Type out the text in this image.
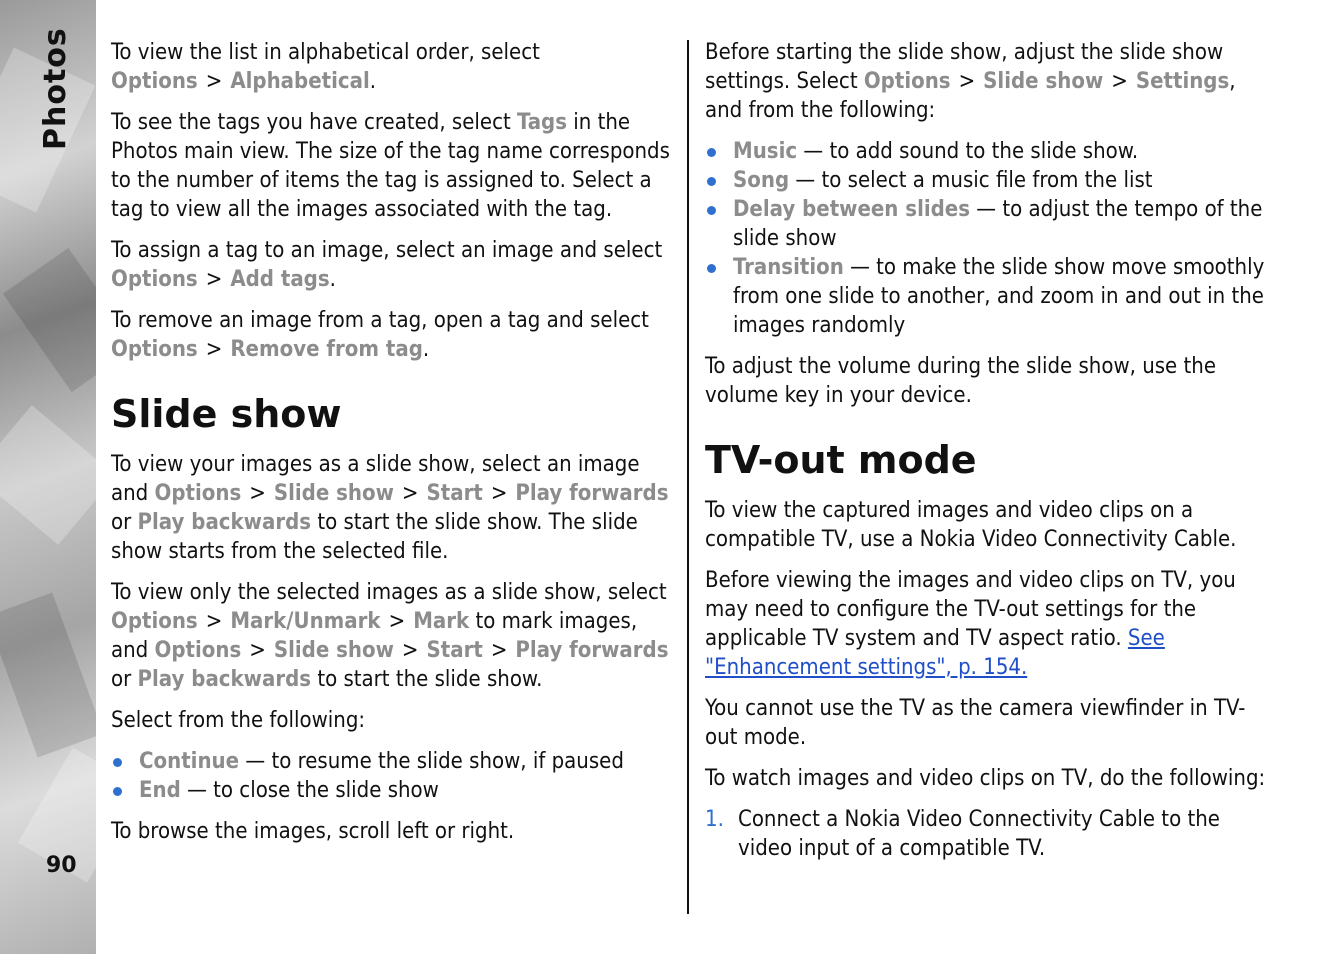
Photos
90

To view the list in alphabetical order, select Options > Alphabetical.

To see the tags you have created, select Tags in the Photos main view. The size of the tag name corresponds to the number of items the tag is assigned to. Select a tag to view all the images associated with the tag.

To assign a tag to an image, select an image and select Options > Add tags.

To remove an image from a tag, open a tag and select Options > Remove from tag.

Slide show

To view your images as a slide show, select an image and Options > Slide show > Start > Play forwards or Play backwards to start the slide show. The slide show starts from the selected file.

To view only the selected images as a slide show, select Options > Mark/Unmark > Mark to mark images, and Options > Slide show > Start > Play forwards or Play backwards to start the slide show.

Select from the following:

Continue — to resume the slide show, if paused
End — to close the slide show

To browse the images, scroll left or right.

Before starting the slide show, adjust the slide show settings. Select Options > Slide show > Settings, and from the following:

Music — to add sound to the slide show.
Song — to select a music file from the list
Delay between slides — to adjust the tempo of the slide show
Transition — to make the slide show move smoothly from one slide to another, and zoom in and out in the images randomly

To adjust the volume during the slide show, use the volume key in your device.

TV-out mode

To view the captured images and video clips on a compatible TV, use a Nokia Video Connectivity Cable.

Before viewing the images and video clips on TV, you may need to configure the TV-out settings for the applicable TV system and TV aspect ratio. See "Enhancement settings", p. 154.

You cannot use the TV as the camera viewfinder in TV-out mode.

To watch images and video clips on TV, do the following:

1. Connect a Nokia Video Connectivity Cable to the video input of a compatible TV.
